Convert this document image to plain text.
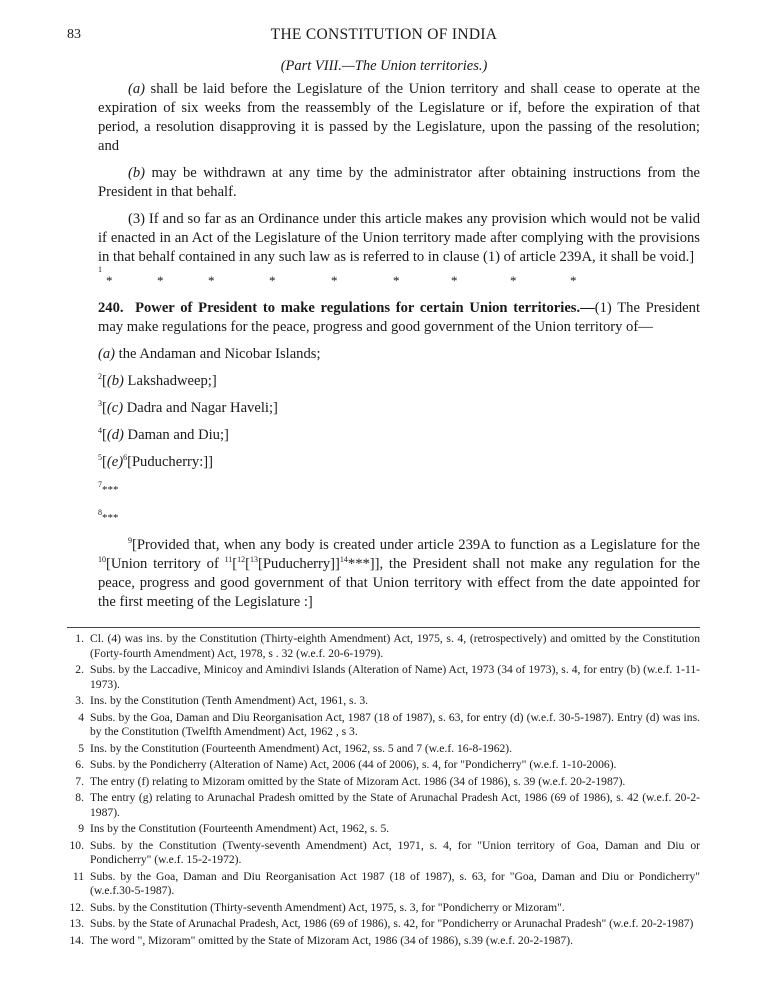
83	THE CONSTITUTION OF INDIA
(Part VIII.—The Union territories.)

(a) shall be laid before the Legislature of the Union territory and shall cease to operate at the expiration of six weeks from the reassembly of the Legislature or if, before the expiration of that period, a resolution disapproving it is passed by the Legislature, upon the passing of the resolution; and

(b) may be withdrawn at any time by the administrator after obtaining instructions from the President in that behalf.

(3) If and so far as an Ordinance under this article makes any provision which would not be valid if enacted in an Act of the Legislature of the Union territory made after complying with the provisions in that behalf contained in any such law as is referred to in clause (1) of article 239A, it shall be void.]

$^1$
*	*	*	*	*	*	*	*	*

240. Power of President to make regulations for certain Union territories.—(1) The President may make regulations for the peace, progress and good government of the Union territory of—

(a) the Andaman and Nicobar Islands;

$^2$[(b) Lakshadweep;]

$^3$[(c) Dadra and Nagar Haveli;]

$^4$[(d) Daman and Diu;]

$^5[(e)^6[Puducherry:]]$

$^7$***

$^8$***

$^9$[Provided that, when any body is created under article 239A to function as a Legislature for the $^{10}$[Union territory of $^{11}$[$^{12}$[$^{13}$[Puducherry]]$^{14}$***]], the President shall not make any regulation for the peace, progress and good government of that Union territory with effect from the date appointed for the first meeting of the Legislature :]

1. Cl. (4) was ins. by the Constitution (Thirty-eighth Amendment) Act, 1975, s. 4, (retrospectively) and omitted by the Constitution (Forty-fourth Amendment) Act, 1978, s . 32 (w.e.f. 20-6-1979).
2. Subs. by the Laccadive, Minicoy and Amindivi Islands (Alteration of Name) Act, 1973 (34 of 1973), s. 4, for entry (b) (w.e.f. 1-11-1973).
3. Ins. by the Constitution (Tenth Amendment) Act, 1961, s. 3.
4 Subs. by the Goa, Daman and Diu Reorganisation Act, 1987 (18 of 1987), s. 63, for entry (d) (w.e.f. 30-5-1987). Entry (d) was ins. by the Constitution (Twelfth Amendment) Act, 1962 , s 3.
5 Ins. by the Constitution (Fourteenth Amendment) Act, 1962, ss. 5 and 7 (w.e.f. 16-8-1962).
6. Subs. by the Pondicherry (Alteration of Name) Act, 2006 (44 of 2006), s. 4, for "Pondicherry" (w.e.f. 1-10-2006).
7. The entry (f) relating to Mizoram omitted by the State of Mizoram Act. 1986 (34 of 1986), s. 39 (w.e.f. 20-2-1987).
8. The entry (g) relating to Arunachal Pradesh omitted by the State of Arunachal Pradesh Act, 1986 (69 of 1986), s. 42 (w.e.f. 20-2-1987).
9 Ins by the Constitution (Fourteenth Amendment) Act, 1962, s. 5.
10. Subs. by the Constitution (Twenty-seventh Amendment) Act, 1971, s. 4, for "Union territory of Goa, Daman and Diu or Pondicherry" (w.e.f. 15-2-1972).
11 Subs. by the Goa, Daman and Diu Reorganisation Act 1987 (18 of 1987), s. 63, for "Goa, Daman and Diu or Pondicherry" (w.e.f.30-5-1987).
12. Subs. by the Constitution (Thirty-seventh Amendment) Act, 1975, s. 3, for "Pondicherry or Mizoram".
13. Subs. by the State of Arunachal Pradesh, Act, 1986 (69 of 1986), s. 42, for "Pondicherry or Arunachal Pradesh" (w.e.f. 20-2-1987)
14. The word ", Mizoram" omitted by the State of Mizoram Act, 1986 (34 of 1986), s.39 (w.e.f. 20-2-1987).
